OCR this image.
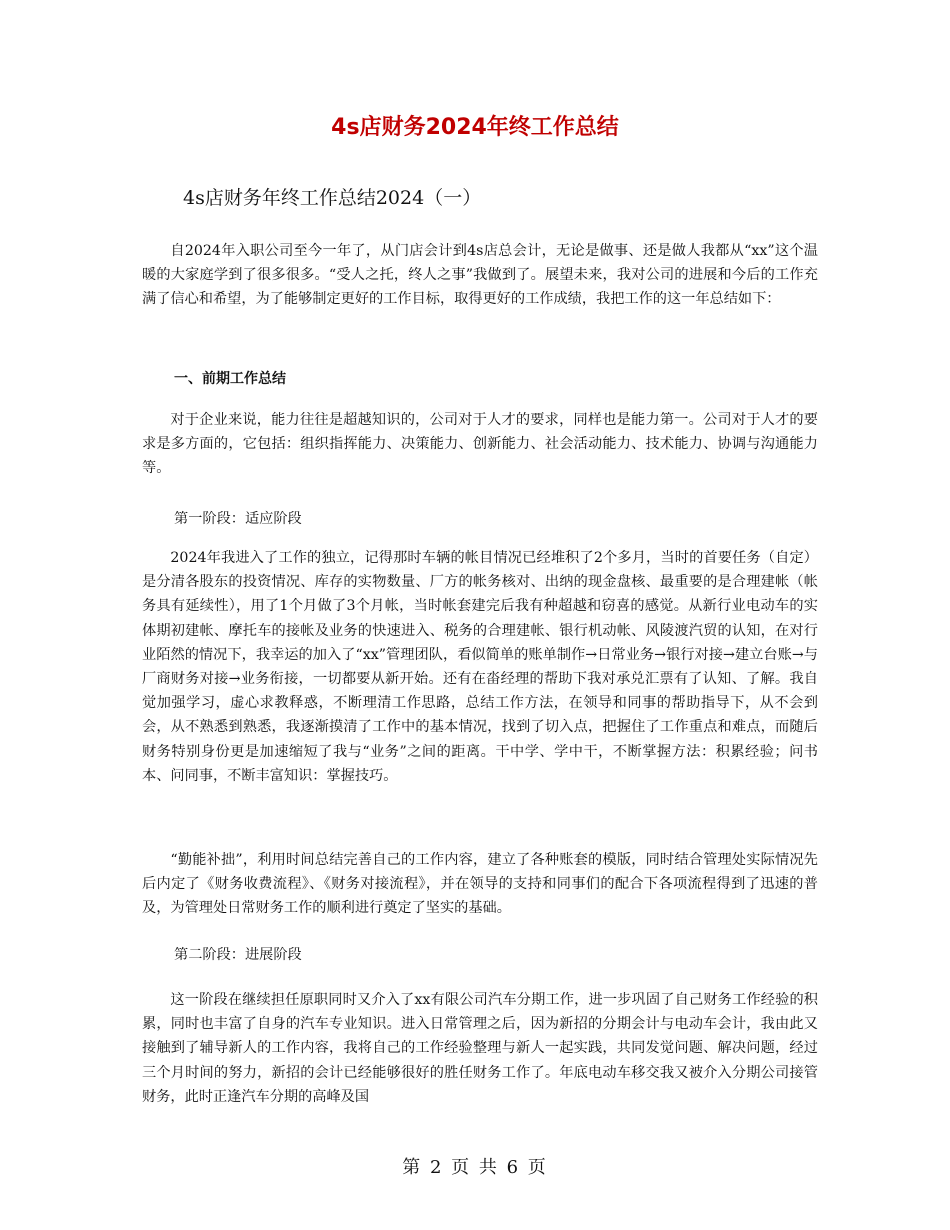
4s店财务2024年终工作总结
4s店财务年终工作总结2024（一）

自2024年入职公司至今一年了，从门店会计到4s店总会计，无论是做事、还是做人我都从“xx”这个温暖的大家庭学到了很多很多。“受人之托，终人之事”我做到了。展望未来，我对公司的进展和今后的工作充满了信心和希望，为了能够制定更好的工作目标，取得更好的工作成绩，我把工作的这一年总结如下：

一、前期工作总结

对于企业来说，能力往往是超越知识的，公司对于人才的要求，同样也是能力第一。公司对于人才的要求是多方面的，它包括：组织指挥能力、决策能力、创新能力、社会活动能力、技术能力、协调与沟通能力等。

第一阶段：适应阶段

2024年我进入了工作的独立，记得那时车辆的帐目情况已经堆积了2个多月，当时的首要任务（自定）是分清各股东的投资情况、库存的实物数量、厂方的帐务核对、出纳的现金盘核、最重要的是合理建帐（帐务具有延续性），用了1个月做了3个月帐，当时帐套建完后我有种超越和窃喜的感觉。从新行业电动车的实体期初建帐、摩托车的接帐及业务的快速进入、税务的合理建帐、银行机动帐、风陵渡汽贸的认知，在对行业陌然的情况下，我幸运的加入了“xx”管理团队，看似简单的账单制作→日常业务→银行对接→建立台账→与厂商财务对接→业务衔接，一切都要从新开始。还有在畓经理的帮助下我对承兑汇票有了认知、了解。我自觉加强学习，虚心求教释惑，不断理清工作思路，总结工作方法，在领导和同事的帮助指导下，从不会到会，从不熟悉到熟悉，我逐渐摸清了工作中的基本情况，找到了切入点，把握住了工作重点和难点，而随后财务特别身份更是加速缩短了我与“业务”之间的距离。干中学、学中干，不断掌握方法：积累经验；问书本、问同事，不断丰富知识：掌握技巧。

“勤能补拙”，利用时间总结完善自己的工作内容，建立了各种账套的模版，同时结合管理处实际情况先后内定了《财务收费流程》、《财务对接流程》，并在领导的支持和同事们的配合下各项流程得到了迅速的普及，为管理处日常财务工作的顺利进行奠定了坚实的基础。

第二阶段：进展阶段

这一阶段在继续担任原职同时又介入了xx有限公司汽车分期工作，进一步巩固了自己财务工作经验的积累，同时也丰富了自身的汽车专业知识。进入日常管理之后，因为新招的分期会计与电动车会计，我由此又接触到了辅导新人的工作内容，我将自己的工作经验整理与新人一起实践，共同发觉问题、解决问题，经过三个月时间的努力，新招的会计已经能够很好的胜任财务工作了。年底电动车移交我又被介入分期公司接管财务，此时正逢汽车分期的高峰及国

第 2 页 共 6 页
